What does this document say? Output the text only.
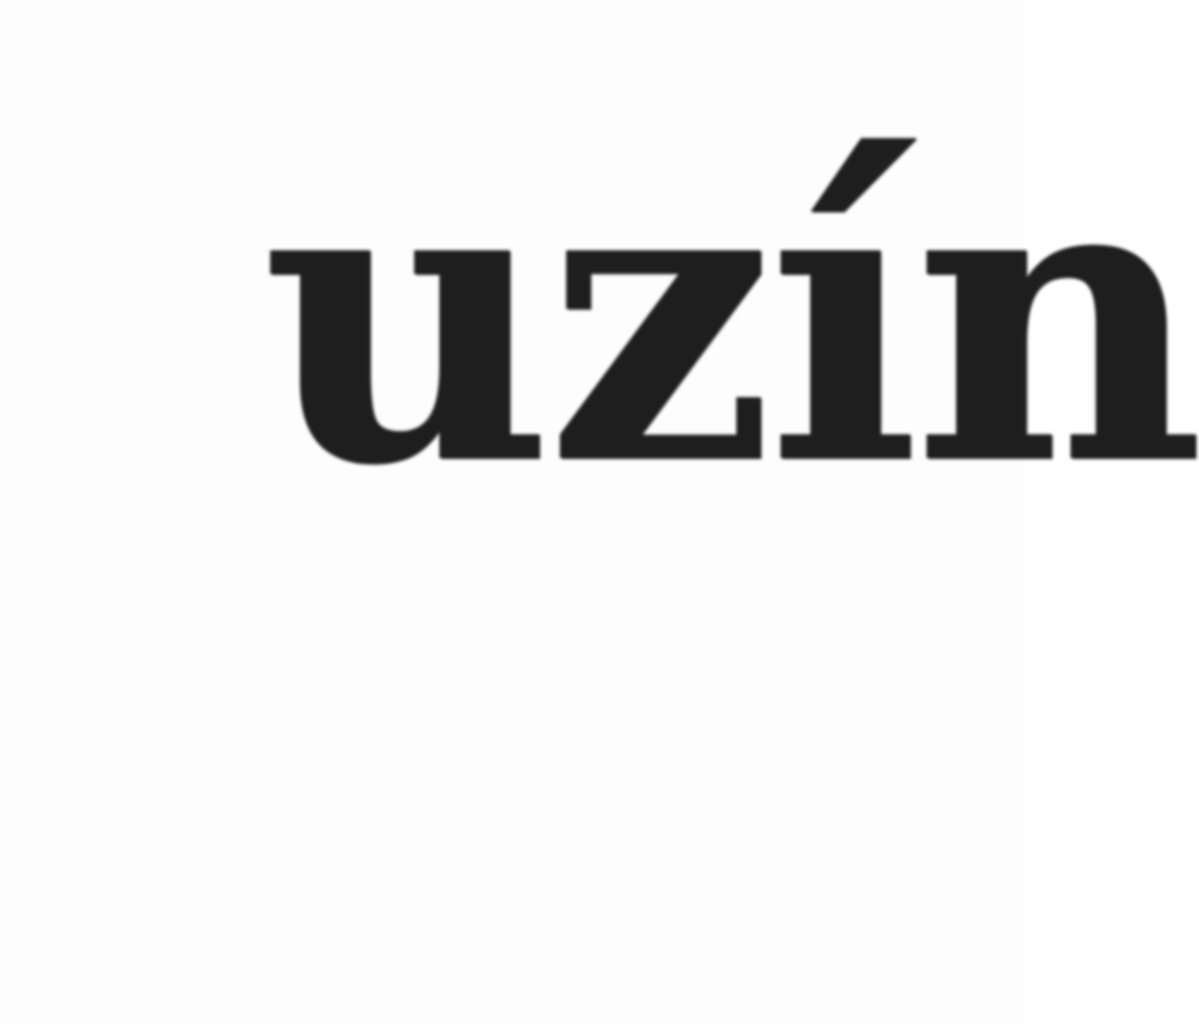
uzín
